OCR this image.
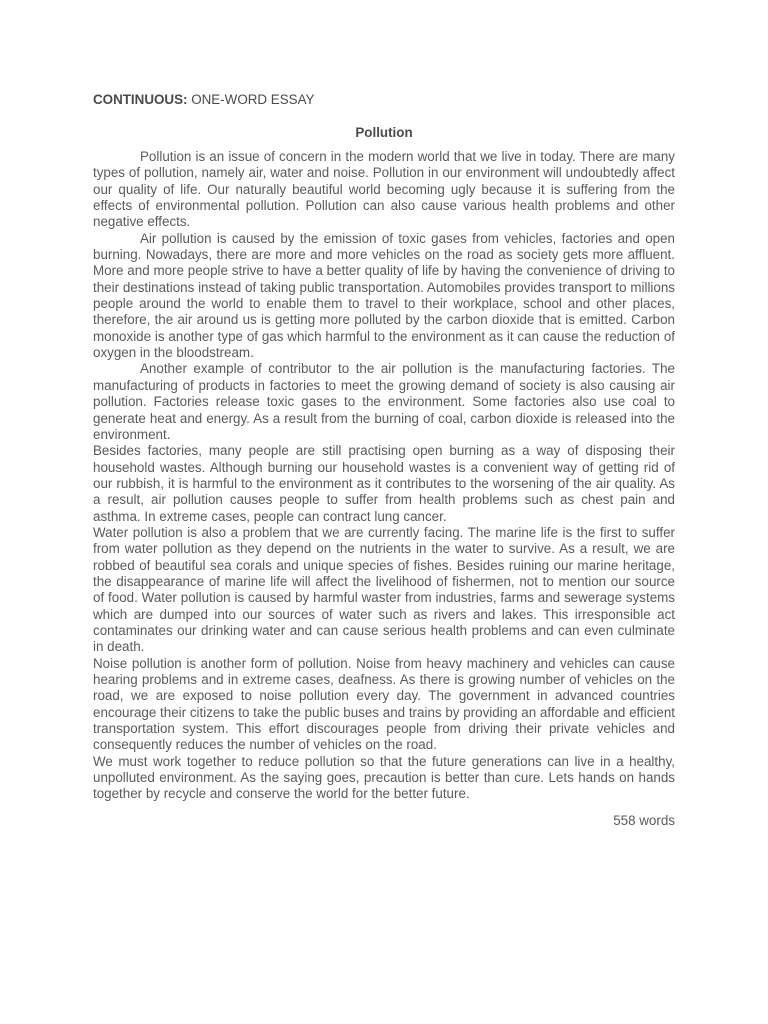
CONTINUOUS: ONE-WORD ESSAY

Pollution

Pollution is an issue of concern in the modern world that we live in today. There are many types of pollution, namely air, water and noise. Pollution in our environment will undoubtedly affect our quality of life. Our naturally beautiful world becoming ugly because it is suffering from the effects of environmental pollution. Pollution can also cause various health problems and other negative effects.

Air pollution is caused by the emission of toxic gases from vehicles, factories and open burning. Nowadays, there are more and more vehicles on the road as society gets more affluent. More and more people strive to have a better quality of life by having the convenience of driving to their destinations instead of taking public transportation. Automobiles provides transport to millions people around the world to enable them to travel to their workplace, school and other places, therefore, the air around us is getting more polluted by the carbon dioxide that is emitted. Carbon monoxide is another type of gas which harmful to the environment as it can cause the reduction of oxygen in the bloodstream.

Another example of contributor to the air pollution is the manufacturing factories. The manufacturing of products in factories to meet the growing demand of society is also causing air pollution. Factories release toxic gases to the environment. Some factories also use coal to generate heat and energy. As a result from the burning of coal, carbon dioxide is released into the environment.

Besides factories, many people are still practising open burning as a way of disposing their household wastes. Although burning our household wastes is a convenient way of getting rid of our rubbish, it is harmful to the environment as it contributes to the worsening of the air quality. As a result, air pollution causes people to suffer from health problems such as chest pain and asthma. In extreme cases, people can contract lung cancer.

Water pollution is also a problem that we are currently facing. The marine life is the first to suffer from water pollution as they depend on the nutrients in the water to survive. As a result, we are robbed of beautiful sea corals and unique species of fishes. Besides ruining our marine heritage, the disappearance of marine life will affect the livelihood of fishermen, not to mention our source of food. Water pollution is caused by harmful waster from industries, farms and sewerage systems which are dumped into our sources of water such as rivers and lakes. This irresponsible act contaminates our drinking water and can cause serious health problems and can even culminate in death.

Noise pollution is another form of pollution. Noise from heavy machinery and vehicles can cause hearing problems and in extreme cases, deafness. As there is growing number of vehicles on the road, we are exposed to noise pollution every day. The government in advanced countries encourage their citizens to take the public buses and trains by providing an affordable and efficient transportation system. This effort discourages people from driving their private vehicles and consequently reduces the number of vehicles on the road.

We must work together to reduce pollution so that the future generations can live in a healthy, unpolluted environment. As the saying goes, precaution is better than cure. Lets hands on hands together by recycle and conserve the world for the better future.

558 words
